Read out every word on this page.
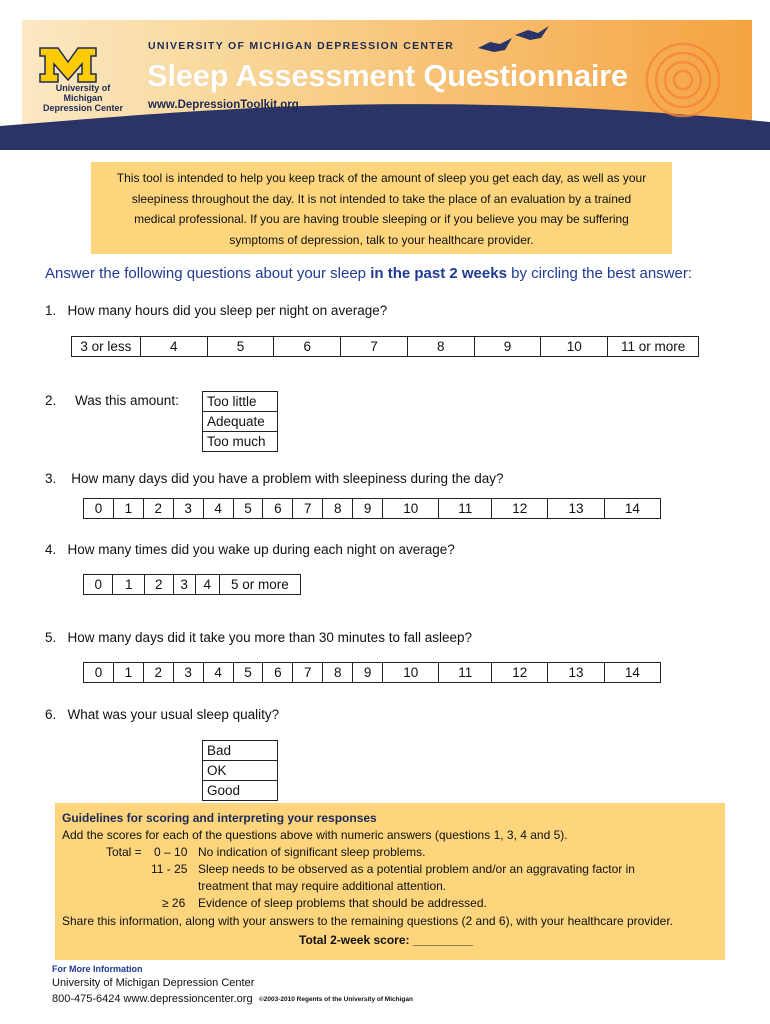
University of Michigan
Depression Center
UNIVERSITY OF MICHIGAN DEPRESSION CENTER
Sleep Assessment Questionnaire
www.DepressionToolkit.org
This tool is intended to help you keep track of the amount of sleep you get each day, as well as your
sleepiness throughout the day. It is not intended to take the place of an evaluation by a trained
medical professional. If you are having trouble sleeping or if you believe you may be suffering
symptoms of depression, talk to your healthcare provider.
Answer the following questions about your sleep in the past 2 weeks by circling the best answer:
1. How many hours did you sleep per night on average?
3 or less	4	5	6	7	8	9	10	11 or more
2. Was this amount: Too little
Adequate
Too much
3. How many days did you have a problem with sleepiness during the day?
0	1	2	3	4	5	6	7	8	9	10	11	12	13	14
4. How many times did you wake up during each night on average?
0	1	2	3	4	5 or more
5. How many days did it take you more than 30 minutes to fall asleep?
0	1	2	3	4	5	6	7	8	9	10	11	12	13	14
6. What was your usual sleep quality?
Bad
OK
Good
Guidelines for scoring and interpreting your responses
Add the scores for each of the questions above with numeric answers (questions 1, 3, 4 and 5).
Total = 0 – 10 No indication of significant sleep problems.
11 - 25 Sleep needs to be observed as a potential problem and/or an aggravating factor in
treatment that may require additional attention.
≥ 26 Evidence of sleep problems that should be addressed.
Share this information, along with your answers to the remaining questions (2 and 6), with your healthcare provider.
Total 2-week score: _________
For More Information
University of Michigan Depression Center
800-475-6424 www.depressioncenter.org ©2003-2010 Regents of the University of Michigan
